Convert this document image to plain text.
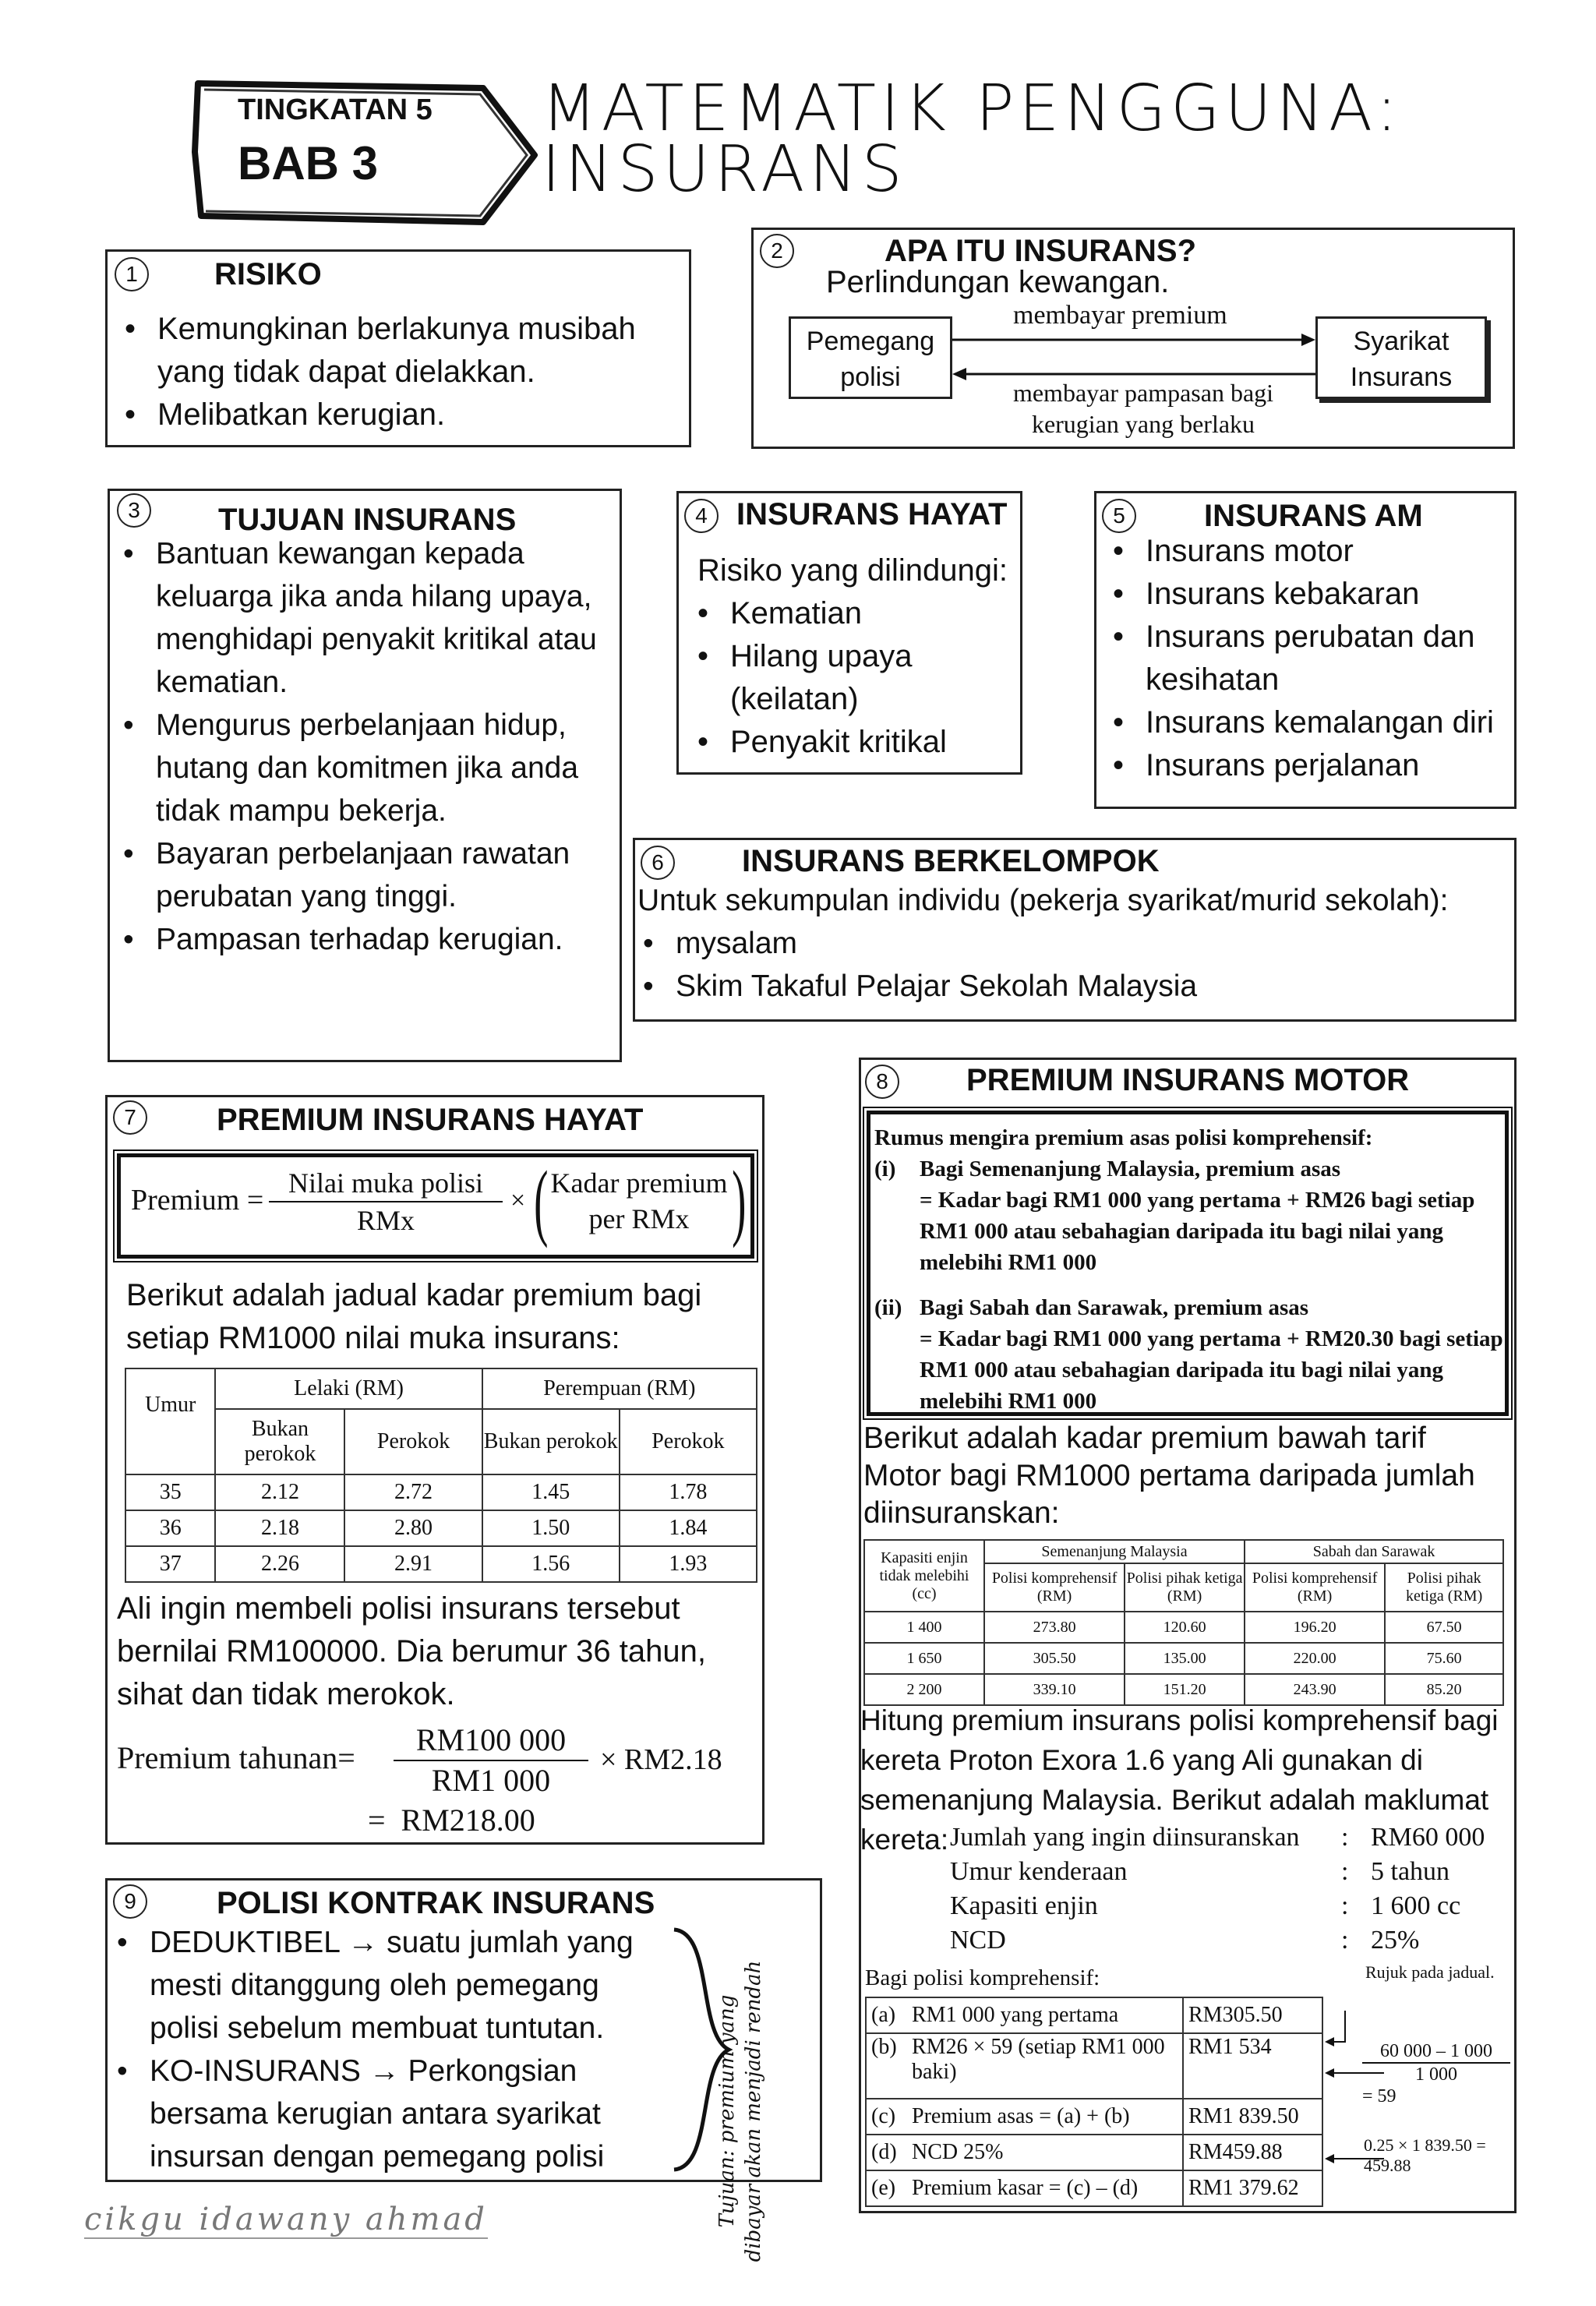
TINGKATAN 5
BAB 3
MATEMATIK PENGGUNA:
INSURANS
1	RISIKO
• Kemungkinan berlakunya musibah yang tidak dapat dielakkan.
• Melibatkan kerugian.
2	APA ITU INSURANS?
Perlindungan kewangan.
Pemegang polisi
Syarikat Insurans
membayar premium
membayar pampasan bagi kerugian yang berlaku
3	TUJUAN INSURANS
• Bantuan kewangan kepada keluarga jika anda hilang upaya, menghidapi penyakit kritikal atau kematian.
• Mengurus perbelanjaan hidup, hutang dan komitmen jika anda tidak mampu bekerja.
• Bayaran perbelanjaan rawatan perubatan yang tinggi.
• Pampasan terhadap kerugian.
4 INSURANS HAYAT
Risiko yang dilindungi:
• Kematian
• Hilang upaya (keilatan)
• Penyakit kritikal
5	INSURANS AM
• Insurans motor
• Insurans kebakaran
• Insurans perubatan dan kesihatan
• Insurans kemalangan diri
• Insurans perjalanan
6	INSURANS BERKELOMPOK
Untuk sekumpulan individu (pekerja syarikat/murid sekolah):
• mysalam
• Skim Takaful Pelajar Sekolah Malaysia
7	PREMIUM INSURANS HAYAT
Premium =
Nilai muka polisi
RMx
× ( Kadar premium
per RMx )
Berikut adalah jadual kadar premium bagi setiap RM1000 nilai muka insurans:
Umur	Lelaki (RM)		Perempuan (RM)	
	Bukan perokok	Perokok	Bukan perokok	Perokok
35	2.12	2.72	1.45	1.78
36	2.18	2.80	1.50	1.84
37	2.26	2.91	1.56	1.93
Ali ingin membeli polisi insurans tersebut bernilai RM100000. Dia berumur 36 tahun, sihat dan tidak merokok.
Premium tahunan= $\frac{RM100 000}{RM1 000} \times RM2.18$
=  RM218.00
8	PREMIUM INSURANS MOTOR
Rumus mengira premium asas polisi komprehensif:
(i)	Bagi Semenanjung Malaysia, premium asas
= Kadar bagi RM1 000 yang pertama + RM26 bagi setiap RM1 000 atau sebahagian daripada itu bagi nilai yang melebihi RM1 000
(ii) Bagi Sabah dan Sarawak, premium asas
= Kadar bagi RM1 000 yang pertama + RM20.30 bagi setiap RM1 000 atau sebahagian daripada itu bagi nilai yang melebihi RM1 000
Berikut adalah kadar premium bawah tarif Motor bagi RM1000 pertama daripada jumlah diinsuranskan:
Kapasiti enjin tidak melebihi (cc)	Semenanjung Malaysia		Sabah dan Sarawak	
	Polisi komprehensif (RM)	Polisi pihak ketiga (RM)	Polisi komprehensif (RM)	Polisi pihak ketiga (RM)
1 400	273.80	120.60	196.20	67.50
1 650	305.50	135.00	220.00	75.60
2 200	339.10	151.20	243.90	85.20
Hitung premium insurans polisi komprehensif bagi kereta Proton Exora 1.6 yang Ali gunakan di semenanjung Malaysia. Berikut adalah maklumat kereta: Jumlah yang ingin diinsuranskan	:	RM60 000
Umur kenderaan	:	5 tahun
Kapasiti enjin	:	1 600 cc
NCD	:	25%
Bagi polisi komprehensif:
(a)	RM1 000 yang pertama	RM305.50
(b)	RM26 × 59 (setiap RM1 000 baki)	RM1 534
(c)	Premium asas = (a) + (b)	RM1 839.50
(d)	NCD 25%	RM459.88
(e)	Premium kasar = (c) – (d)	RM1 379.62
Rujuk pada jadual.
60 000 – 1 000
1 000
= 59
0.25 × 1 839.50 = 459.88
9	POLISI KONTRAK INSURANS
• DEDUKTIBEL → suatu jumlah yang mesti ditanggung oleh pemegang polisi sebelum membuat tuntutan.
• KO-INSURANS → Perkongsian bersama kerugian antara syarikat insursan dengan pemegang polisi	Tujuan: premium yang dibayar akan menjadi rendah
cikgu idawany ahmad
